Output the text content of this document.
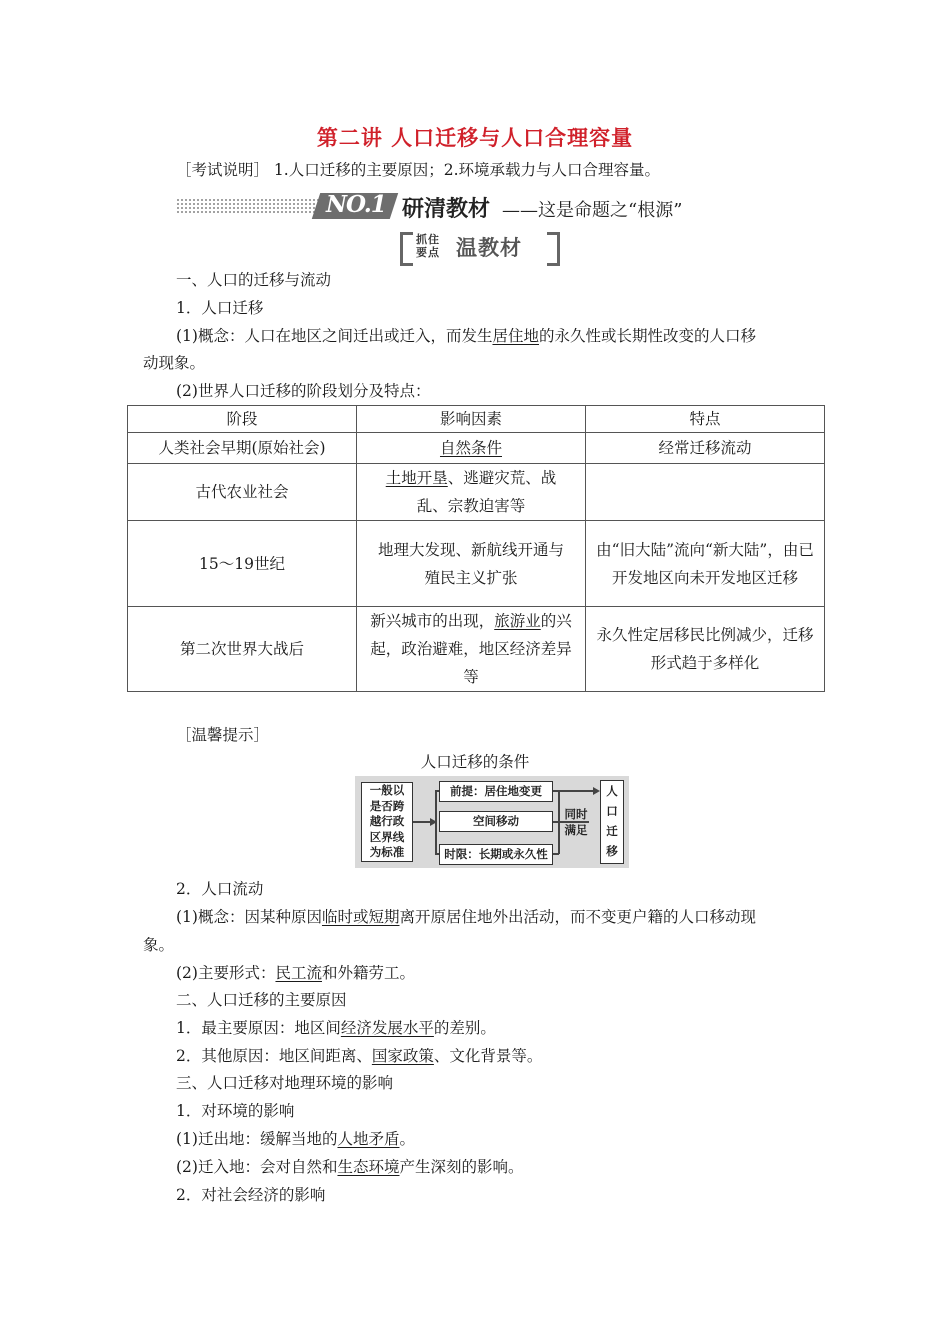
第二讲 人口迁移与人口合理容量
［考试说明］ 1.人口迁移的主要原因；2.环境承载力与人口合理容量。
NO.1 研清教材 ——这是命题之“根源”
抓住
要点 温教材
一、人口的迁移与流动
1．人口迁移
(1)概念：人口在地区之间迁出或迁入，而发生居住地的永久性或长期性改变的人口移
动现象。
(2)世界人口迁移的阶段划分及特点：
阶段	影响因素	特点
人类社会早期(原始社会)	自然条件	经常迁移流动
古代农业社会	土地开垦、逃避灾荒、战乱、宗教迫害等	
15～19世纪	地理大发现、新航线开通与殖民主义扩张	由“旧大陆”流向“新大陆”，由已开发地区向未开发地区迁移
第二次世界大战后	新兴城市的出现，旅游业的兴起，政治避难，地区经济差异等	永久性定居移民比例减少，迁移形式趋于多样化
［温馨提示］
人口迁移的条件
一般以
是否跨
越行政
区界线
为标准
前提：居住地变更
空间移动
时限：长期或永久性
同时
满足
人
口
迁
移
2．人口流动
(1)概念：因某种原因临时或短期离开原居住地外出活动，而不变更户籍的人口移动现
象。
(2)主要形式：民工流和外籍劳工。
二、人口迁移的主要原因
1．最主要原因：地区间经济发展水平的差别。
2．其他原因：地区间距离、国家政策、文化背景等。
三、人口迁移对地理环境的影响
1．对环境的影响
(1)迁出地：缓解当地的人地矛盾。
(2)迁入地：会对自然和生态环境产生深刻的影响。
2．对社会经济的影响
